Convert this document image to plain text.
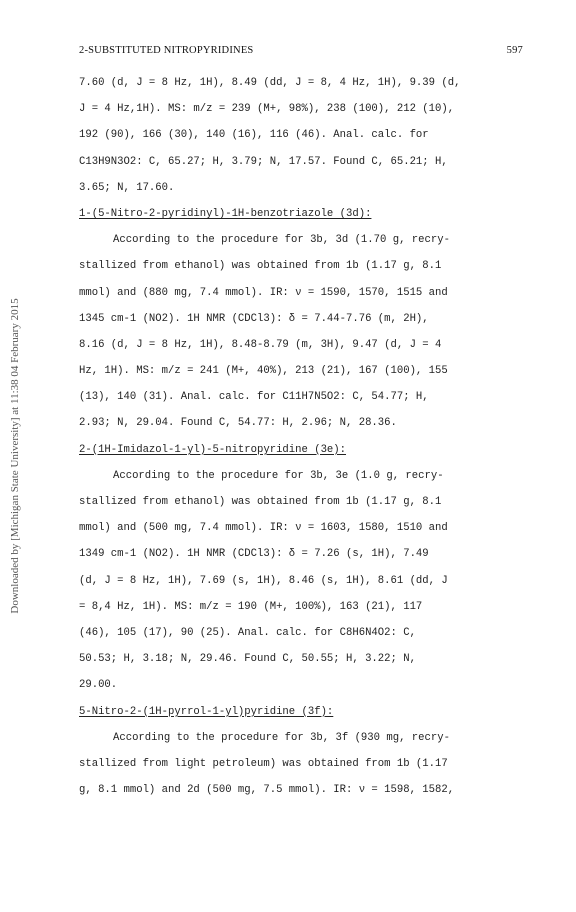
Downloaded by [Michigan State University] at 11:38 04 February 2015
2-SUBSTITUTED NITROPYRIDINES	597
7.60 (d, J = 8 Hz, 1H), 8.49 (dd, J = 8, 4 Hz, 1H), 9.39 (d,
J = 4 Hz,1H). MS: m/z = 239 (M+, 98%), 238 (100), 212 (10),
192 (90), 166 (30), 140 (16), 116 (46). Anal. calc. for
C13H9N3O2: C, 65.27; H, 3.79; N, 17.57. Found C, 65.21; H,
3.65; N, 17.60.
1-(5-Nitro-2-pyridinyl)-1H-benzotriazole (3d):
According to the procedure for 3b, 3d (1.70 g, recry-
stallized from ethanol) was obtained from 1b (1.17 g, 8.1
mmol) and (880 mg, 7.4 mmol). IR: ν = 1590, 1570, 1515 and
1345 cm-1 (NO2). 1H NMR (CDCl3): δ = 7.44-7.76 (m, 2H),
8.16 (d, J = 8 Hz, 1H), 8.48-8.79 (m, 3H), 9.47 (d, J = 4
Hz, 1H). MS: m/z = 241 (M+, 40%), 213 (21), 167 (100), 155
(13), 140 (31). Anal. calc. for C11H7N5O2: C, 54.77; H,
2.93; N, 29.04. Found C, 54.77: H, 2.96; N, 28.36.
2-(1H-Imidazol-1-yl)-5-nitropyridine (3e):
According to the procedure for 3b, 3e (1.0 g, recry-
stallized from ethanol) was obtained from 1b (1.17 g, 8.1
mmol) and (500 mg, 7.4 mmol). IR: ν = 1603, 1580, 1510 and
1349 cm-1 (NO2). 1H NMR (CDCl3): δ = 7.26 (s, 1H), 7.49
(d, J = 8 Hz, 1H), 7.69 (s, 1H), 8.46 (s, 1H), 8.61 (dd, J
= 8,4 Hz, 1H). MS: m/z = 190 (M+, 100%), 163 (21), 117
(46), 105 (17), 90 (25). Anal. calc. for C8H6N4O2: C,
50.53; H, 3.18; N, 29.46. Found C, 50.55; H, 3.22; N,
29.00.
5-Nitro-2-(1H-pyrrol-1-yl)pyridine (3f):
According to the procedure for 3b, 3f (930 mg, recry-
stallized from light petroleum) was obtained from 1b (1.17
g, 8.1 mmol) and 2d (500 mg, 7.5 mmol). IR: ν = 1598, 1582,
